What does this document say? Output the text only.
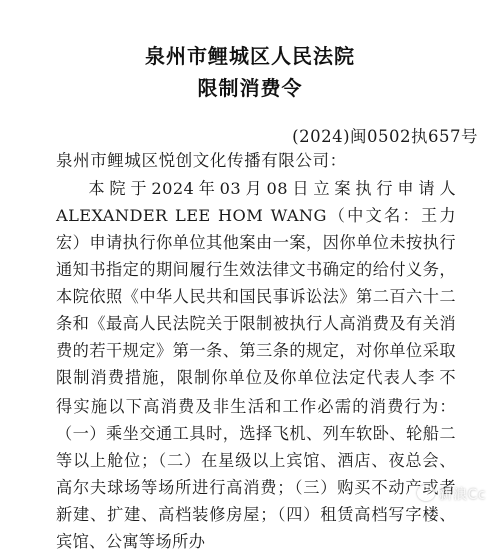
泉州市鲤城区人民法院
限制消费令
(2024)闽0502执657号
泉州市鲤城区悦创文化传播有限公司：
本院于2024年03月08日立案执行申请人ALEXANDER LEE HOM WANG（中文名：王力宏）申请执行你单位其他案由一案，因你单位未按执行通知书指定的期间履行生效法律文书确定的给付义务，本院依照《中华人民共和国民事诉讼法》第二百六十二条和《最高人民法院关于限制被执行人高消费及有关消费的若干规定》第一条、第三条的规定，对你单位采取限制消费措施，限制你单位及你单位法定代表人李 不得实施以下高消费及非生活和工作必需的消费行为：（一）乘坐交通工具时，选择飞机、列车软卧、轮船二等以上舱位；（二）在星级以上宾馆、酒店、夜总会、高尔夫球场等场所进行高消费；（三）购买不动产或者新建、扩建、高档装修房屋；（四）租赁高档写字楼、宾馆、公寓等场所办
新浪Cc
